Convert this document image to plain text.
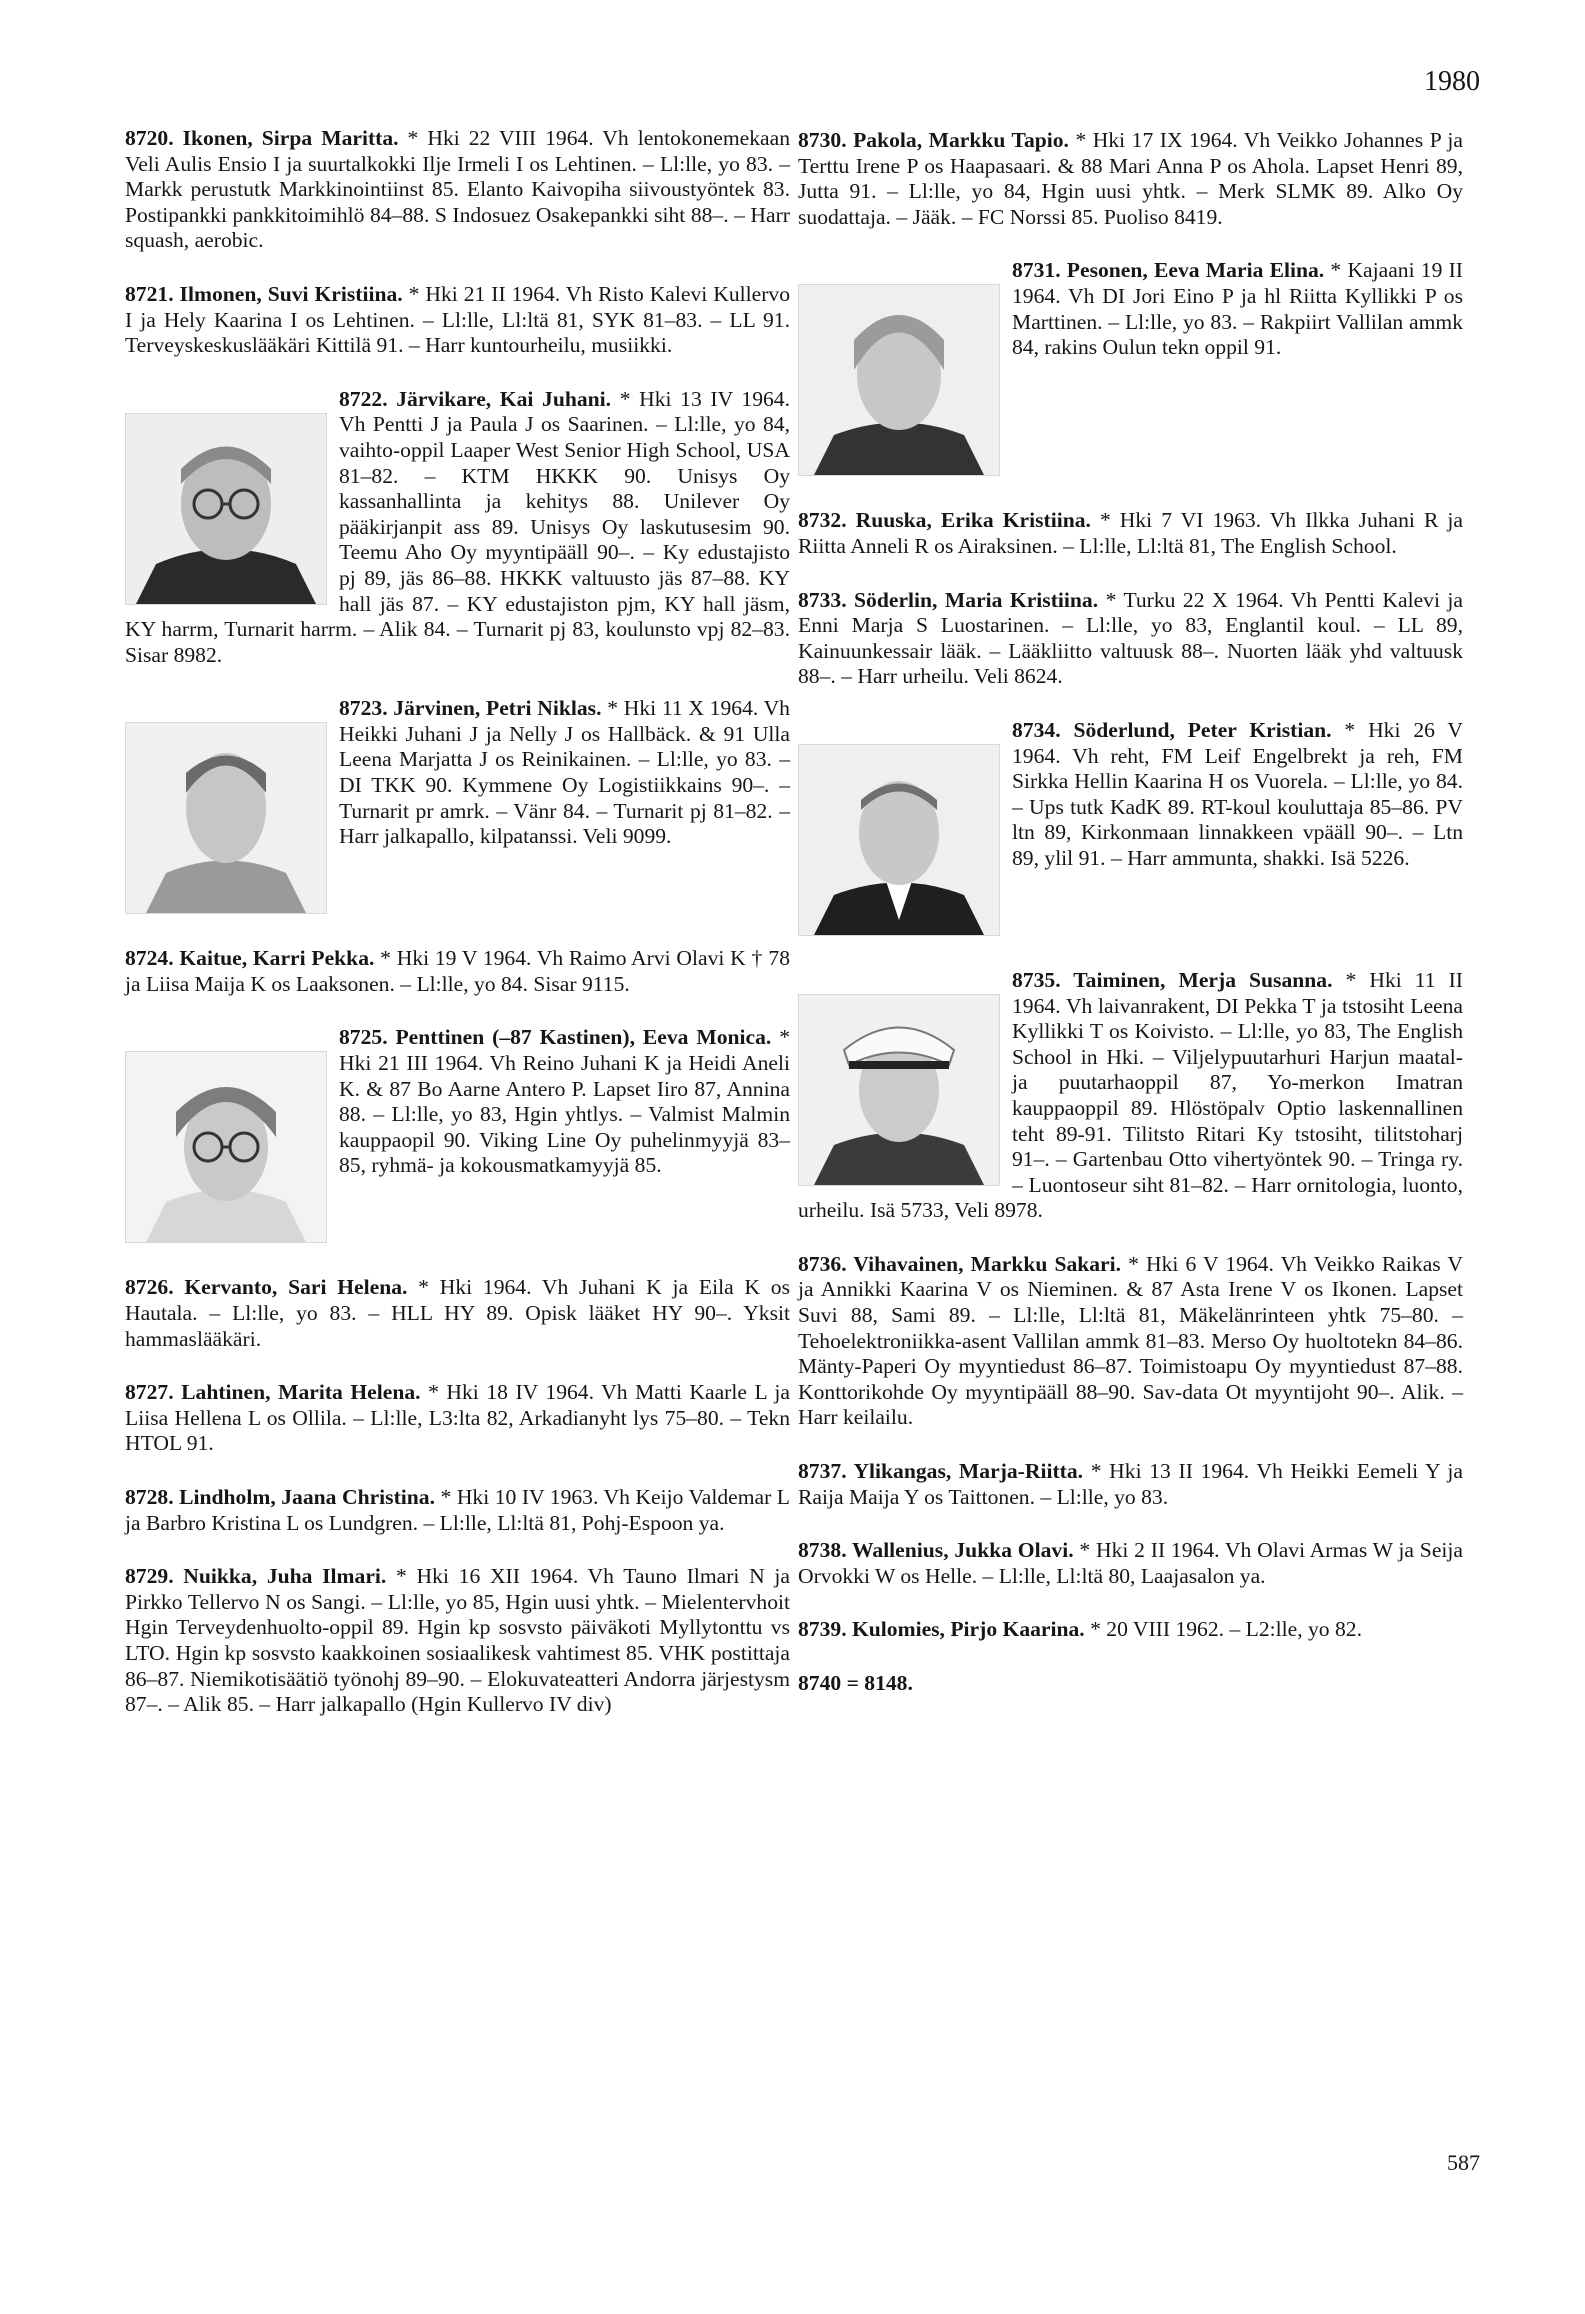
1980
8720. Ikonen, Sirpa Maritta. * Hki 22 VIII 1964. Vh lentokonemekaan Veli Aulis Ensio I ja suurtalkokki Ilje Irmeli I os Lehtinen. – Ll:lle, yo 83. – Markk perustutk Markkinointiinst 85. Elanto Kaivopiha siivoustyöntek 83. Postipankki pankkitoimihlö 84–88. S Indosuez Osakepankki siht 88–. – Harr squash, aerobic.
8721. Ilmonen, Suvi Kristiina. * Hki 21 II 1964. Vh Risto Kalevi Kullervo I ja Hely Kaarina I os Lehtinen. – Ll:lle, Ll:ltä 81, SYK 81–83. – LL 91. Terveyskeskuslääkäri Kittilä 91. – Harr kuntourheilu, musiikki.
8722. Järvikare, Kai Juhani. * Hki 13 IV 1964. Vh Pentti J ja Paula J os Saarinen. – Ll:lle, yo 84, vaihto-oppil Laaper West Senior High School, USA 81–82. – KTM HKKK 90. Unisys Oy kassanhallinta ja kehitys 88. Unilever Oy pääkirjanpit ass 89. Unisys Oy laskutusesim 90. Teemu Aho Oy myyntipääll 90–. – Ky edustajisto pj 89, jäs 86–88. HKKK valtuusto jäs 87–88. KY hall jäs 87. – KY edustajiston pjm, KY hall jäsm, KY harrm, Turnarit harrm. – Alik 84. – Turnarit pj 83, koulunsto vpj 82–83. Sisar 8982.
8723. Järvinen, Petri Niklas. * Hki 11 X 1964. Vh Heikki Juhani J ja Nelly J os Hallbäck. & 91 Ulla Leena Marjatta J os Reinikainen. – Ll:lle, yo 83. – DI TKK 90. Kymmene Oy Logistiikkains 90–. – Turnarit pr amrk. – Vänr 84. – Turnarit pj 81–82. – Harr jalkapallo, kilpatanssi. Veli 9099.
8724. Kaitue, Karri Pekka. * Hki 19 V 1964. Vh Raimo Arvi Olavi K † 78 ja Liisa Maija K os Laaksonen. – Ll:lle, yo 84. Sisar 9115.
8725. Penttinen (–87 Kastinen), Eeva Monica. * Hki 21 III 1964. Vh Reino Juhani K ja Heidi Aneli K. & 87 Bo Aarne Antero P. Lapset Iiro 87, Annina 88. – Ll:lle, yo 83, Hgin yhtlys. – Valmist Malmin kauppaopil 90. Viking Line Oy puhelinmyyjä 83–85, ryhmä- ja kokousmatkamyyjä 85.
8726. Kervanto, Sari Helena. * Hki 1964. Vh Juhani K ja Eila K os Hautala. – Ll:lle, yo 83. – HLL HY 89. Opisk lääket HY 90–. Yksit hammaslääkäri.
8727. Lahtinen, Marita Helena. * Hki 18 IV 1964. Vh Matti Kaarle L ja Liisa Hellena L os Ollila. – Ll:lle, L3:lta 82, Arkadianyht lys 75–80. – Tekn HTOL 91.
8728. Lindholm, Jaana Christina. * Hki 10 IV 1963. Vh Keijo Valdemar L ja Barbro Kristina L os Lundgren. – Ll:lle, Ll:ltä 81, Pohj-Espoon ya.
8729. Nuikka, Juha Ilmari. * Hki 16 XII 1964. Vh Tauno Ilmari N ja Pirkko Tellervo N os Sangi. – Ll:lle, yo 85, Hgin uusi yhtk. – Mielentervhoit Hgin Terveydenhuolto-oppil 89. Hgin kp sosvsto päiväkoti Myllytonttu vs LTO. Hgin kp sosvsto kaakkoinen sosiaalikesk vahtimest 85. VHK postittaja 86–87. Niemikotisäätiö työnohj 89–90. – Elokuvateatteri Andorra järjestysm 87–. – Alik 85. – Harr jalkapallo (Hgin Kullervo IV div)
8730. Pakola, Markku Tapio. * Hki 17 IX 1964. Vh Veikko Johannes P ja Terttu Irene P os Haapasaari. & 88 Mari Anna P os Ahola. Lapset Henri 89, Jutta 91. – Ll:lle, yo 84, Hgin uusi yhtk. – Merk SLMK 89. Alko Oy suodattaja. – Jääk. – FC Norssi 85. Puoliso 8419.
8731. Pesonen, Eeva Maria Elina. * Kajaani 19 II 1964. Vh DI Jori Eino P ja hl Riitta Kyllikki P os Marttinen. – Ll:lle, yo 83. – Rakpiirt Vallilan ammk 84, rakins Oulun tekn oppil 91.
8732. Ruuska, Erika Kristiina. * Hki 7 VI 1963. Vh Ilkka Juhani R ja Riitta Anneli R os Airaksinen. – Ll:lle, Ll:ltä 81, The English School.
8733. Söderlin, Maria Kristiina. * Turku 22 X 1964. Vh Pentti Kalevi ja Enni Marja S Luostarinen. – Ll:lle, yo 83, Englantil koul. – LL 89, Kainuunkessair lääk. – Lääkliitto valtuusk 88–. Nuorten lääk yhd valtuusk 88–. – Harr urheilu. Veli 8624.
8734. Söderlund, Peter Kristian. * Hki 26 V 1964. Vh reht, FM Leif Engelbrekt ja reh, FM Sirkka Hellin Kaarina H os Vuorela. – Ll:lle, yo 84. – Ups tutk KadK 89. RT-koul kouluttaja 85–86. PV ltn 89, Kirkonmaan linnakkeen vpääll 90–. – Ltn 89, ylil 91. – Harr ammunta, shakki. Isä 5226.
8735. Taiminen, Merja Susanna. * Hki 11 II 1964. Vh laivanrakent, DI Pekka T ja tstosiht Leena Kyllikki T os Koivisto. – Ll:lle, yo 83, The English School in Hki. – Viljelypuutarhuri Harjun maatal- ja puutarhaoppil 87, Yo-merkon Imatran kauppaoppil 89. Hlöstöpalv Optio laskennallinen teht 89-91. Tilitsto Ritari Ky tstosiht, tilitstoharj 91–. – Gartenbau Otto vihertyöntek 90. – Tringa ry. – Luontoseur siht 81–82. – Harr ornitologia, luonto, urheilu. Isä 5733, Veli 8978.
8736. Vihavainen, Markku Sakari. * Hki 6 V 1964. Vh Veikko Raikas V ja Annikki Kaarina V os Nieminen. & 87 Asta Irene V os Ikonen. Lapset Suvi 88, Sami 89. – Ll:lle, Ll:ltä 81, Mäkelänrinteen yhtk 75–80. – Tehoelektroniikka-asent Vallilan ammk 81–83. Merso Oy huoltotekn 84–86. Mänty-Paperi Oy myyntiedust 86–87. Toimistoapu Oy myyntiedust 87–88. Konttorikohde Oy myyntipääll 88–90. Sav-data Ot myyntijoht 90–. Alik. – Harr keilailu.
8737. Ylikangas, Marja-Riitta. * Hki 13 II 1964. Vh Heikki Eemeli Y ja Raija Maija Y os Taittonen. – Ll:lle, yo 83.
8738. Wallenius, Jukka Olavi. * Hki 2 II 1964. Vh Olavi Armas W ja Seija Orvokki W os Helle. – Ll:lle, Ll:ltä 80, Laajasalon ya.
8739. Kulomies, Pirjo Kaarina. * 20 VIII 1962. – L2:lle, yo 82.
8740 = 8148.
587
